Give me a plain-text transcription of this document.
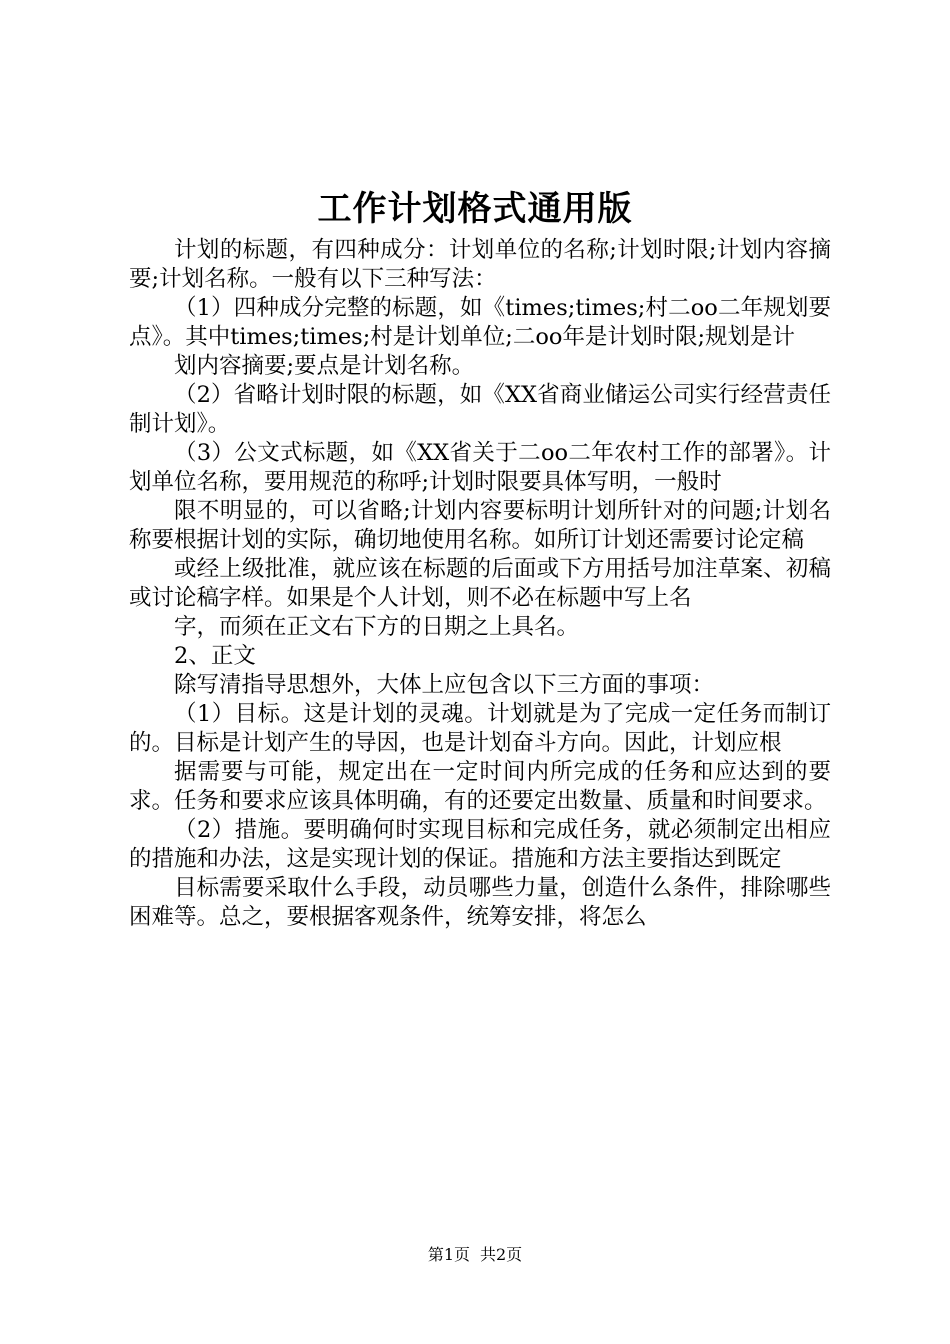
工作计划格式通用版

计划的标题，有四种成分：计划单位的名称;计划时限;计划内容摘要;计划名称。一般有以下三种写法：

（1）四种成分完整的标题，如《times;times;村二oo二年规划要点》。其中times;times;村是计划单位;二oo年是计划时限;规划是计

划内容摘要;要点是计划名称。

（2）省略计划时限的标题，如《XX省商业储运公司实行经营责任制计划》。

（3）公文式标题，如《XX省关于二oo二年农村工作的部署》。计划单位名称，要用规范的称呼;计划时限要具体写明，一般时

限不明显的，可以省略;计划内容要标明计划所针对的问题;计划名称要根据计划的实际，确切地使用名称。如所订计划还需要讨论定稿

或经上级批准，就应该在标题的后面或下方用括号加注草案、初稿或讨论稿字样。如果是个人计划，则不必在标题中写上名

字，而须在正文右下方的日期之上具名。

2、正文

除写清指导思想外，大体上应包含以下三方面的事项：

（1）目标。这是计划的灵魂。计划就是为了完成一定任务而制订的。目标是计划产生的导因，也是计划奋斗方向。因此，计划应根

据需要与可能，规定出在一定时间内所完成的任务和应达到的要求。任务和要求应该具体明确，有的还要定出数量、质量和时间要求。

（2）措施。要明确何时实现目标和完成任务，就必须制定出相应的措施和办法，这是实现计划的保证。措施和方法主要指达到既定

目标需要采取什么手段，动员哪些力量，创造什么条件，排除哪些困难等。总之，要根据客观条件，统筹安排，将怎么

第1页 共2页
